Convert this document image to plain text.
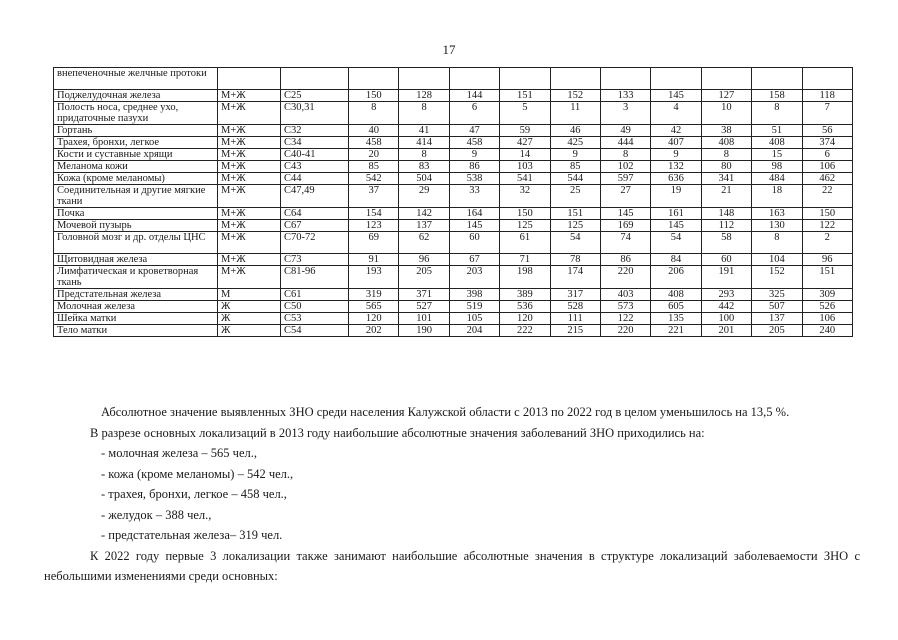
17
внепеченочные желчные протоки												
Поджелудочная железа	М+Ж	С25	150	128	144	151	152	133	145	127	158	118
Полость носа, среднее ухо, придаточные пазухи	М+Ж	С30,31	8	8	6	5	11	3	4	10	8	7
Гортань	М+Ж	С32	40	41	47	59	46	49	42	38	51	56
Трахея, бронхи, легкое	М+Ж	С34	458	414	458	427	425	444	407	408	408	374
Кости и суставные хрящи	М+Ж	С40-41	20	8	9	14	9	8	9	8	15	6
Меланома кожи	М+Ж	С43	85	83	86	103	85	102	132	80	98	106
Кожа (кроме меланомы)	М+Ж	С44	542	504	538	541	544	597	636	341	484	462
Соединительная и другие мягкие ткани	М+Ж	С47,49	37	29	33	32	25	27	19	21	18	22
Почка	М+Ж	С64	154	142	164	150	151	145	161	148	163	150
Мочевой пузырь	М+Ж	С67	123	137	145	125	125	169	145	112	130	122
Головной мозг и др. отделы ЦНС	М+Ж	С70-72	69	62	60	61	54	74	54	58	8	2
Щитовидная железа	М+Ж	С73	91	96	67	71	78	86	84	60	104	96
Лимфатическая и кроветворная ткань	М+Ж	С81-96	193	205	203	198	174	220	206	191	152	151
Предстательная железа	М	С61	319	371	398	389	317	403	408	293	325	309
Молочная железа	Ж	С50	565	527	519	536	528	573	605	442	507	526
Шейка матки	Ж	С53	120	101	105	120	111	122	135	100	137	106
Тело матки	Ж	С54	202	190	204	222	215	220	221	201	205	240

Абсолютное значение выявленных ЗНО среди населения Калужской области с 2013 по 2022 год в целом уменьшилось на 13,5 %.

В разрезе основных локализаций в 2013 году наибольшие абсолютные значения заболеваний ЗНО приходились на:

- молочная железа – 565 чел.,

- кожа (кроме меланомы) – 542 чел.,

- трахея, бронхи, легкое – 458 чел.,

- желудок – 388 чел.,

- предстательная железа– 319 чел.

К 2022 году первые 3 локализации также занимают наибольшие абсолютные значения в структуре локализаций заболеваемости ЗНО с небольшими изменениями среди основных:
